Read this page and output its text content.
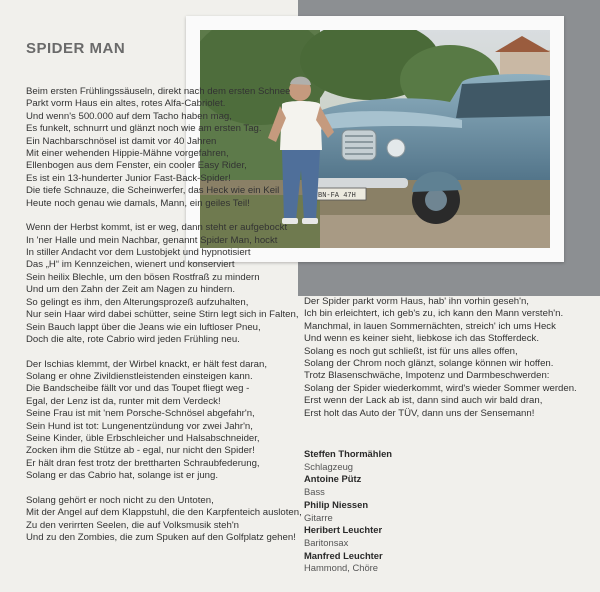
BN-FA 47H
SPIDER MAN
Beim ersten Frühlingssäuseln, direkt nach dem ersten Schnee
Parkt vorm Haus ein altes, rotes Alfa-Cabriolet.
Und wenn's 500.000 auf dem Tacho haben mag,
Es funkelt, schnurrt und glänzt noch wie am ersten Tag.
Ein Nachbarschnösel ist damit vor 40 Jahren
Mit einer wehenden Hippie-Mähne vorgefahren,
Ellenbogen aus dem Fenster, ein cooler Easy Rider,
Es ist ein 13-hunderter Junior Fast-Back-Spider!
Die tiefe Schnauze, die Scheinwerfer, das Heck wie ein Keil
Heute noch genau wie damals, Mann, ein geiles Teil!
Wenn der Herbst kommt, ist er weg, dann steht er aufgebockt
In 'ner Halle und mein Nachbar, genannt Spider Man, hockt
In stiller Andacht vor dem Lustobjekt und hypnotisiert
Das „H“ im Kennzeichen, wienert und konserviert
Sein heilix Blechle, um den bösen Rostfraß zu mindern
Und um den Zahn der Zeit am Nagen zu hindern.
So gelingt es ihm, den Alterungsprozeß aufzuhalten,
Nur sein Haar wird dabei schütter, seine Stirn legt sich in Falten,
Sein Bauch lappt über die Jeans wie ein luftloser Pneu,
Doch die alte, rote Cabrio wird jeden Frühling neu.
Der Ischias klemmt, der Wirbel knackt, er hält fest daran,
Solang er ohne Zivildienstleistenden einsteigen kann.
Die Bandscheibe fällt vor und das Toupet fliegt weg -
Egal, der Lenz ist da, runter mit dem Verdeck!
Seine Frau ist mit 'nem Porsche-Schnösel abgefahr'n,
Sein Hund ist tot: Lungenentzündung vor zwei Jahr'n,
Seine Kinder, üble Erbschleicher und Halsabschneider,
Zocken ihm die Stütze ab - egal, nur nicht den Spider!
Er hält dran fest trotz der brettharten Schraubfederung,
Solang er das Cabrio hat, solange ist er jung.
Solang gehört er noch nicht zu den Untoten,
Mit der Angel auf dem Klappstuhl, die den Karpfenteich ausloten,
Zu den verirrten Seelen, die auf Volksmusik steh'n
Und zu den Zombies, die zum Spuken auf den Golfplatz gehen!
Der Spider parkt vorm Haus, hab' ihn vorhin geseh'n,
Ich bin erleichtert, ich geb's zu, ich kann den Mann versteh'n.
Manchmal, in lauen Sommernächten, streich' ich ums Heck
Und wenn es keiner sieht, liebkose ich das Stofferdeck.
Solang es noch gut schließt, ist für uns alles offen,
Solang der Chrom noch glänzt, solange können wir hoffen.
Trotz Blasenschwäche, Impotenz und Darmbeschwerden:
Solang der Spider wiederkommt, wird's wieder Sommer werden.
Erst wenn der Lack ab ist, dann sind auch wir bald dran,
Erst holt das Auto der TÜV, dann uns der Sensemann!
Steffen Thormählen
Schlagzeug
Antoine Pütz
Bass
Philip Niessen
Gitarre
Heribert Leuchter
Baritonsax
Manfred Leuchter
Hammond, Chöre
